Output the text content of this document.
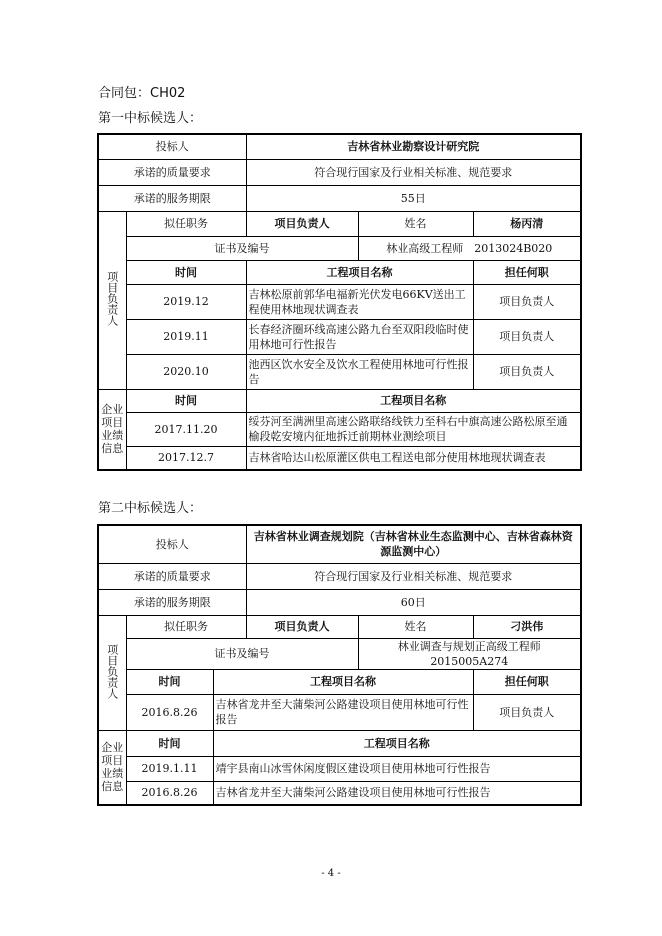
合同包：CH02
第一中标候选人：
投标人		吉林省林业勘察设计研究院		
承诺的质量要求		符合现行国家及行业相关标准、规范要求		
承诺的服务期限		55日		
项目负责人	拟任职务	项目负责人	姓名	杨丙清
	证书及编号		林业高级工程师　2013024B020	
	时间	工程项目名称		担任何职
	2019.12	吉林松原前郭华电福新光伏发电66KV送出工程使用林地现状调查表		项目负责人
	2019.11	长春经济圈环线高速公路九台至双阳段临时使用林地可行性报告		项目负责人
	2020.10	池西区饮水安全及饮水工程使用林地可行性报告		项目负责人
企业项目业绩信息	时间	工程项目名称		
	2017.11.20	绥芬河至满洲里高速公路联络线铁力至科右中旗高速公路松原至通榆段乾安境内征地拆迁前期林业测绘项目		
	2017.12.7	吉林省哈达山松原灌区供电工程送电部分使用林地现状调查表		
第二中标候选人：
投标人			吉林省林业调查规划院（吉林省林业生态监测中心、吉林省森林资源监测中心）		
承诺的质量要求			符合现行国家及行业相关标准、规范要求		
承诺的服务期限			60日		
项目负责人	拟任职务		项目负责人	姓名	刁洪伟
	证书及编号			林业调查与规划正高级工程师 2015005A274	
	时间	工程项目名称			担任何职
	2016.8.26	吉林省龙井至大蒲柴河公路建设项目使用林地可行性报告			项目负责人
企业项目业绩信息	时间	工程项目名称			
	2019.1.11	靖宇县南山冰雪休闲度假区建设项目使用林地可行性报告			
	2016.8.26	吉林省龙井至大蒲柴河公路建设项目使用林地可行性报告			
- 4 -
